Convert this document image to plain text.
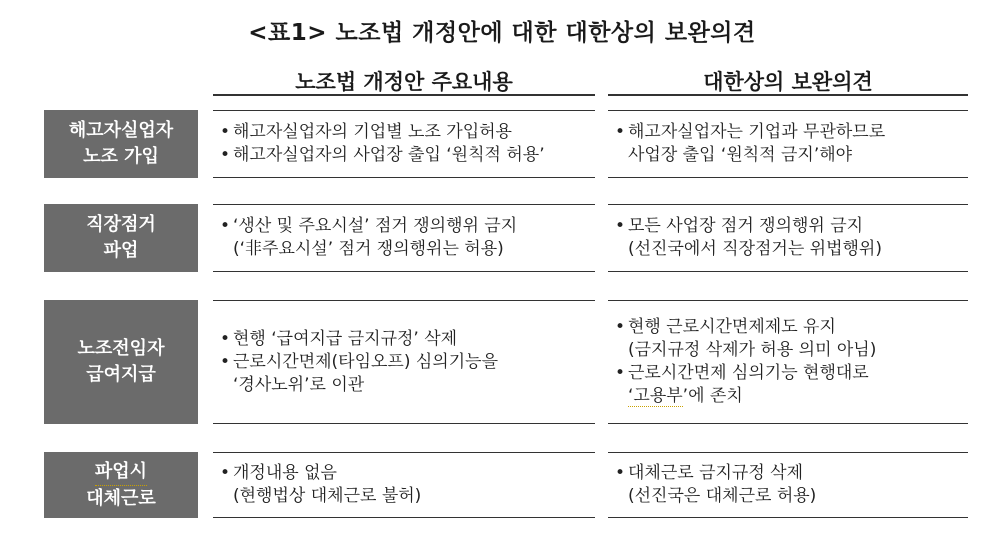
<표1> 노조법 개정안에 대한 대한상의 보완의견
노조법 개정안 주요내용	대한상의 보완의견
해고자실업자
노조 가입
• 해고자실업자의 기업별 노조 가입허용
• 해고자실업자의 사업장 출입 ‘원칙적 허용’
• 해고자실업자는 기업과 무관하므로
사업장 출입 ‘원칙적 금지’해야
직장점거
파업
• ‘생산 및 주요시설’ 점거 쟁의행위 금지
(‘非주요시설’ 점거 쟁의행위는 허용)
• 모든 사업장 점거 쟁의행위 금지
(선진국에서 직장점거는 위법행위)
노조전임자
급여지급
• 현행 ‘급여지급 금지규정’ 삭제
• 근로시간면제(타임오프) 심의기능을
‘경사노위’로 이관
• 현행 근로시간면제제도 유지
(금지규정 삭제가 허용 의미 아님)
• 근로시간면제 심의기능 현행대로
‘고용부’에 존치
파업시
대체근로
• 개정내용 없음
(현행법상 대체근로 불허)
• 대체근로 금지규정 삭제
(선진국은 대체근로 허용)
